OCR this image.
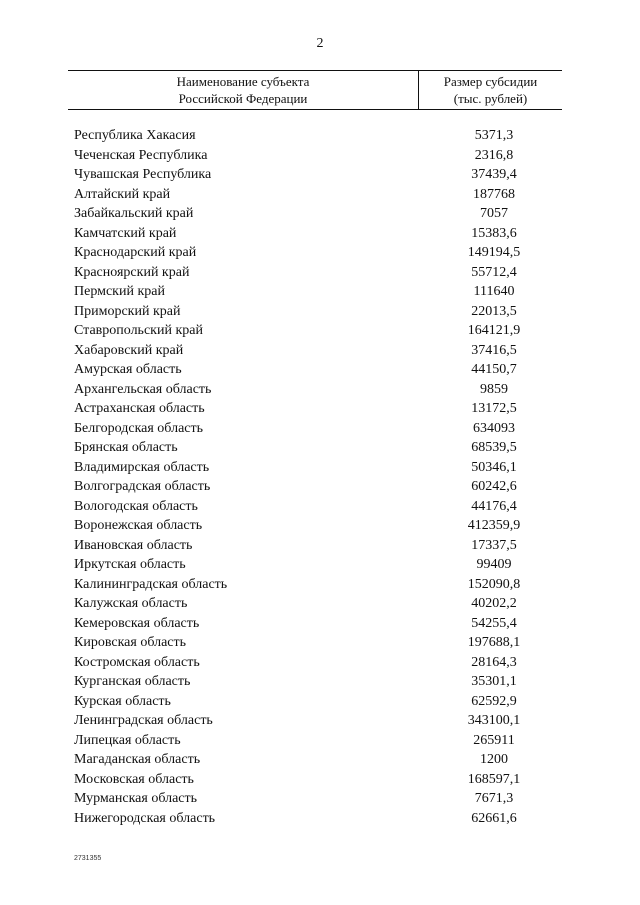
2
Наименование субъекта
Российской Федерации
Размер субсидии
(тыс. рублей)
Республика Хакасия	5371,3
Чеченская Республика	2316,8
Чувашская Республика	37439,4
Алтайский край	187768
Забайкальский край	7057
Камчатский край	15383,6
Краснодарский край	149194,5
Красноярский край	55712,4
Пермский край	111640
Приморский край	22013,5
Ставропольский край	164121,9
Хабаровский край	37416,5
Амурская область	44150,7
Архангельская область	9859
Астраханская область	13172,5
Белгородская область	634093
Брянская область	68539,5
Владимирская область	50346,1
Волгоградская область	60242,6
Вологодская область	44176,4
Воронежская область	412359,9
Ивановская область	17337,5
Иркутская область	99409
Калининградская область	152090,8
Калужская область	40202,2
Кемеровская область	54255,4
Кировская область	197688,1
Костромская область	28164,3
Курганская область	35301,1
Курская область	62592,9
Ленинградская область	343100,1
Липецкая область	265911
Магаданская область	1200
Московская область	168597,1
Мурманская область	7671,3
Нижегородская область	62661,6
2731355
